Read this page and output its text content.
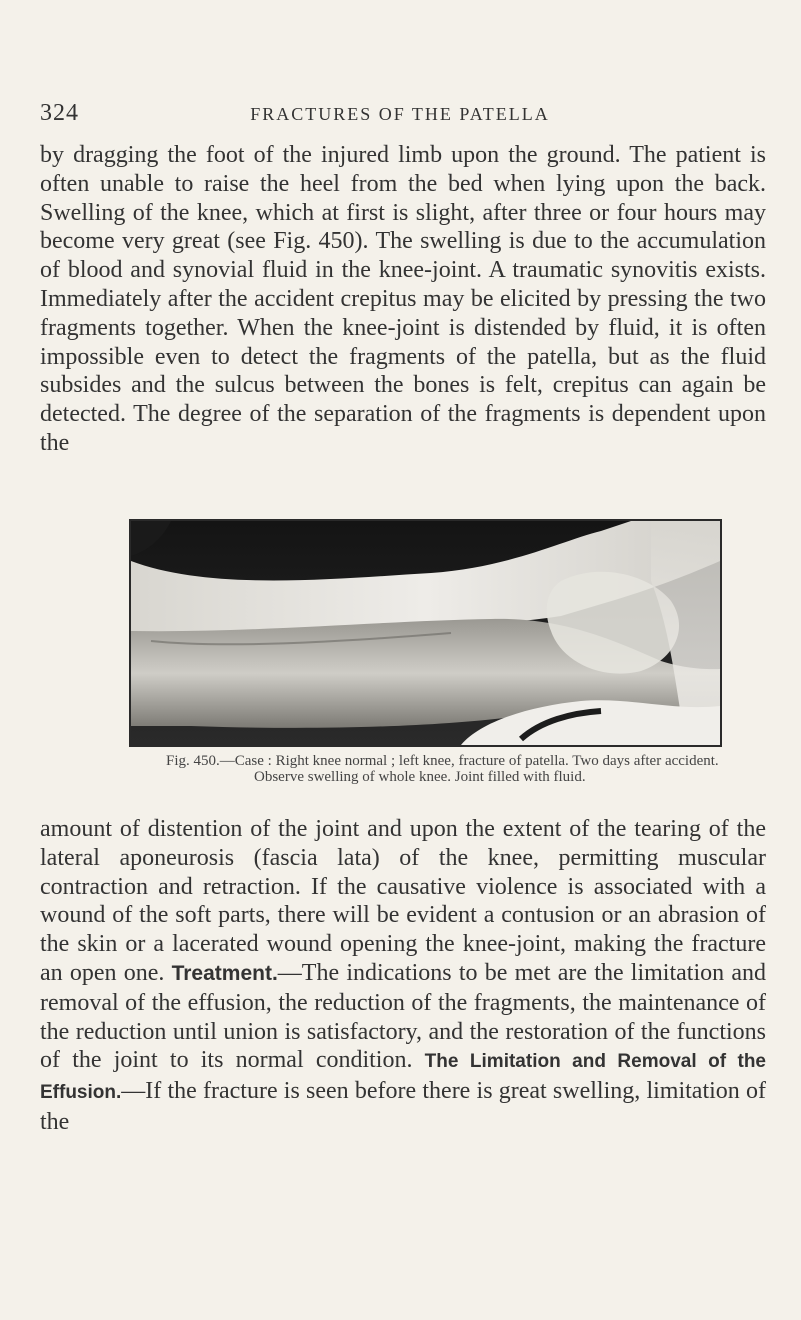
324	FRACTURES OF THE PATELLA

by dragging the foot of the injured limb upon the ground. The patient is often unable to raise the heel from the bed when lying upon the back. Swelling of the knee, which at first is slight, after three or four hours may become very great (see Fig. 450). The swelling is due to the accumulation of blood and synovial fluid in the knee-joint. A traumatic synovitis exists. Immediately after the accident crepitus may be elicited by pressing the two fragments together. When the knee-joint is distended by fluid, it is often impossible even to detect the fragments of the patella, but as the fluid subsides and the sulcus between the bones is felt, crepitus can again be detected. The degree of the separation of the fragments is dependent upon the

Fig. 450.—Case : Right knee normal ; left knee, fracture of patella. Two days after accident.
Observe swelling of whole knee. Joint filled with fluid.

amount of distention of the joint and upon the extent of the tearing of the lateral aponeurosis (fascia lata) of the knee, permitting muscular contraction and retraction. If the causative violence is associated with a wound of the soft parts, there will be evident a contusion or an abrasion of the skin or a lacerated wound opening the knee-joint, making the fracture an open one. Treatment.—The indications to be met are the limitation and removal of the effusion, the reduction of the fragments, the maintenance of the reduction until union is satisfactory, and the restoration of the functions of the joint to its normal condition. The Limitation and Removal of the Effusion.—If the fracture is seen before there is great swelling, limitation of the
